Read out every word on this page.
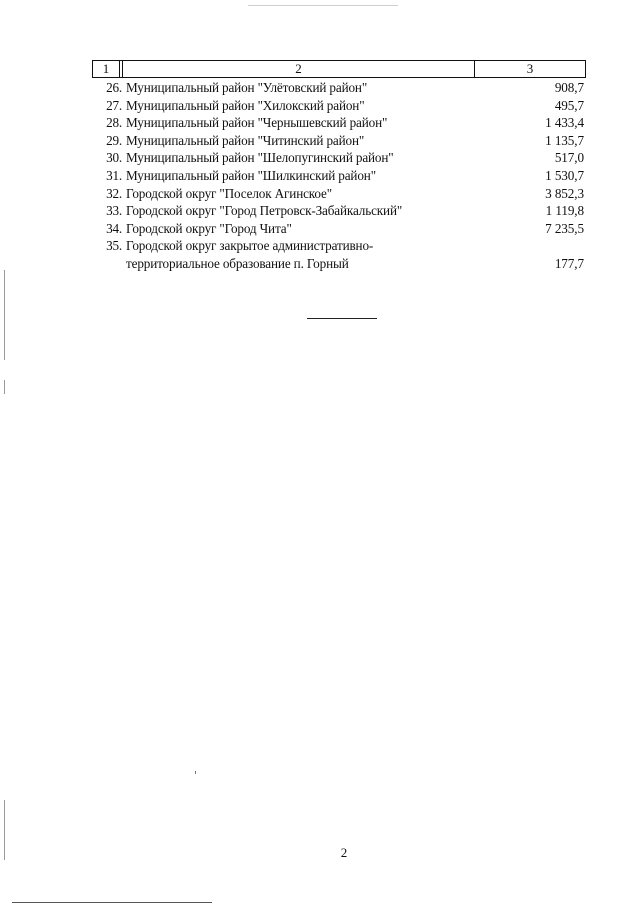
1	2	3
26. Муниципальный район "Улётовский район"	908,7
27. Муниципальный район "Хилокский район"	495,7
28. Муниципальный район "Чернышевский район"	1 433,4
29. Муниципальный район "Читинский район"	1 135,7
30. Муниципальный район "Шелопугинский район"	517,0
31. Муниципальный район "Шилкинский район"	1 530,7
32. Городской округ "Поселок Агинское"	3 852,3
33. Городской округ "Город Петровск-Забайкальский"	1 119,8
34. Городской округ "Город Чита"	7 235,5
35. Городской округ закрытое административно-
территориальное образование п. Горный	177,7
2
